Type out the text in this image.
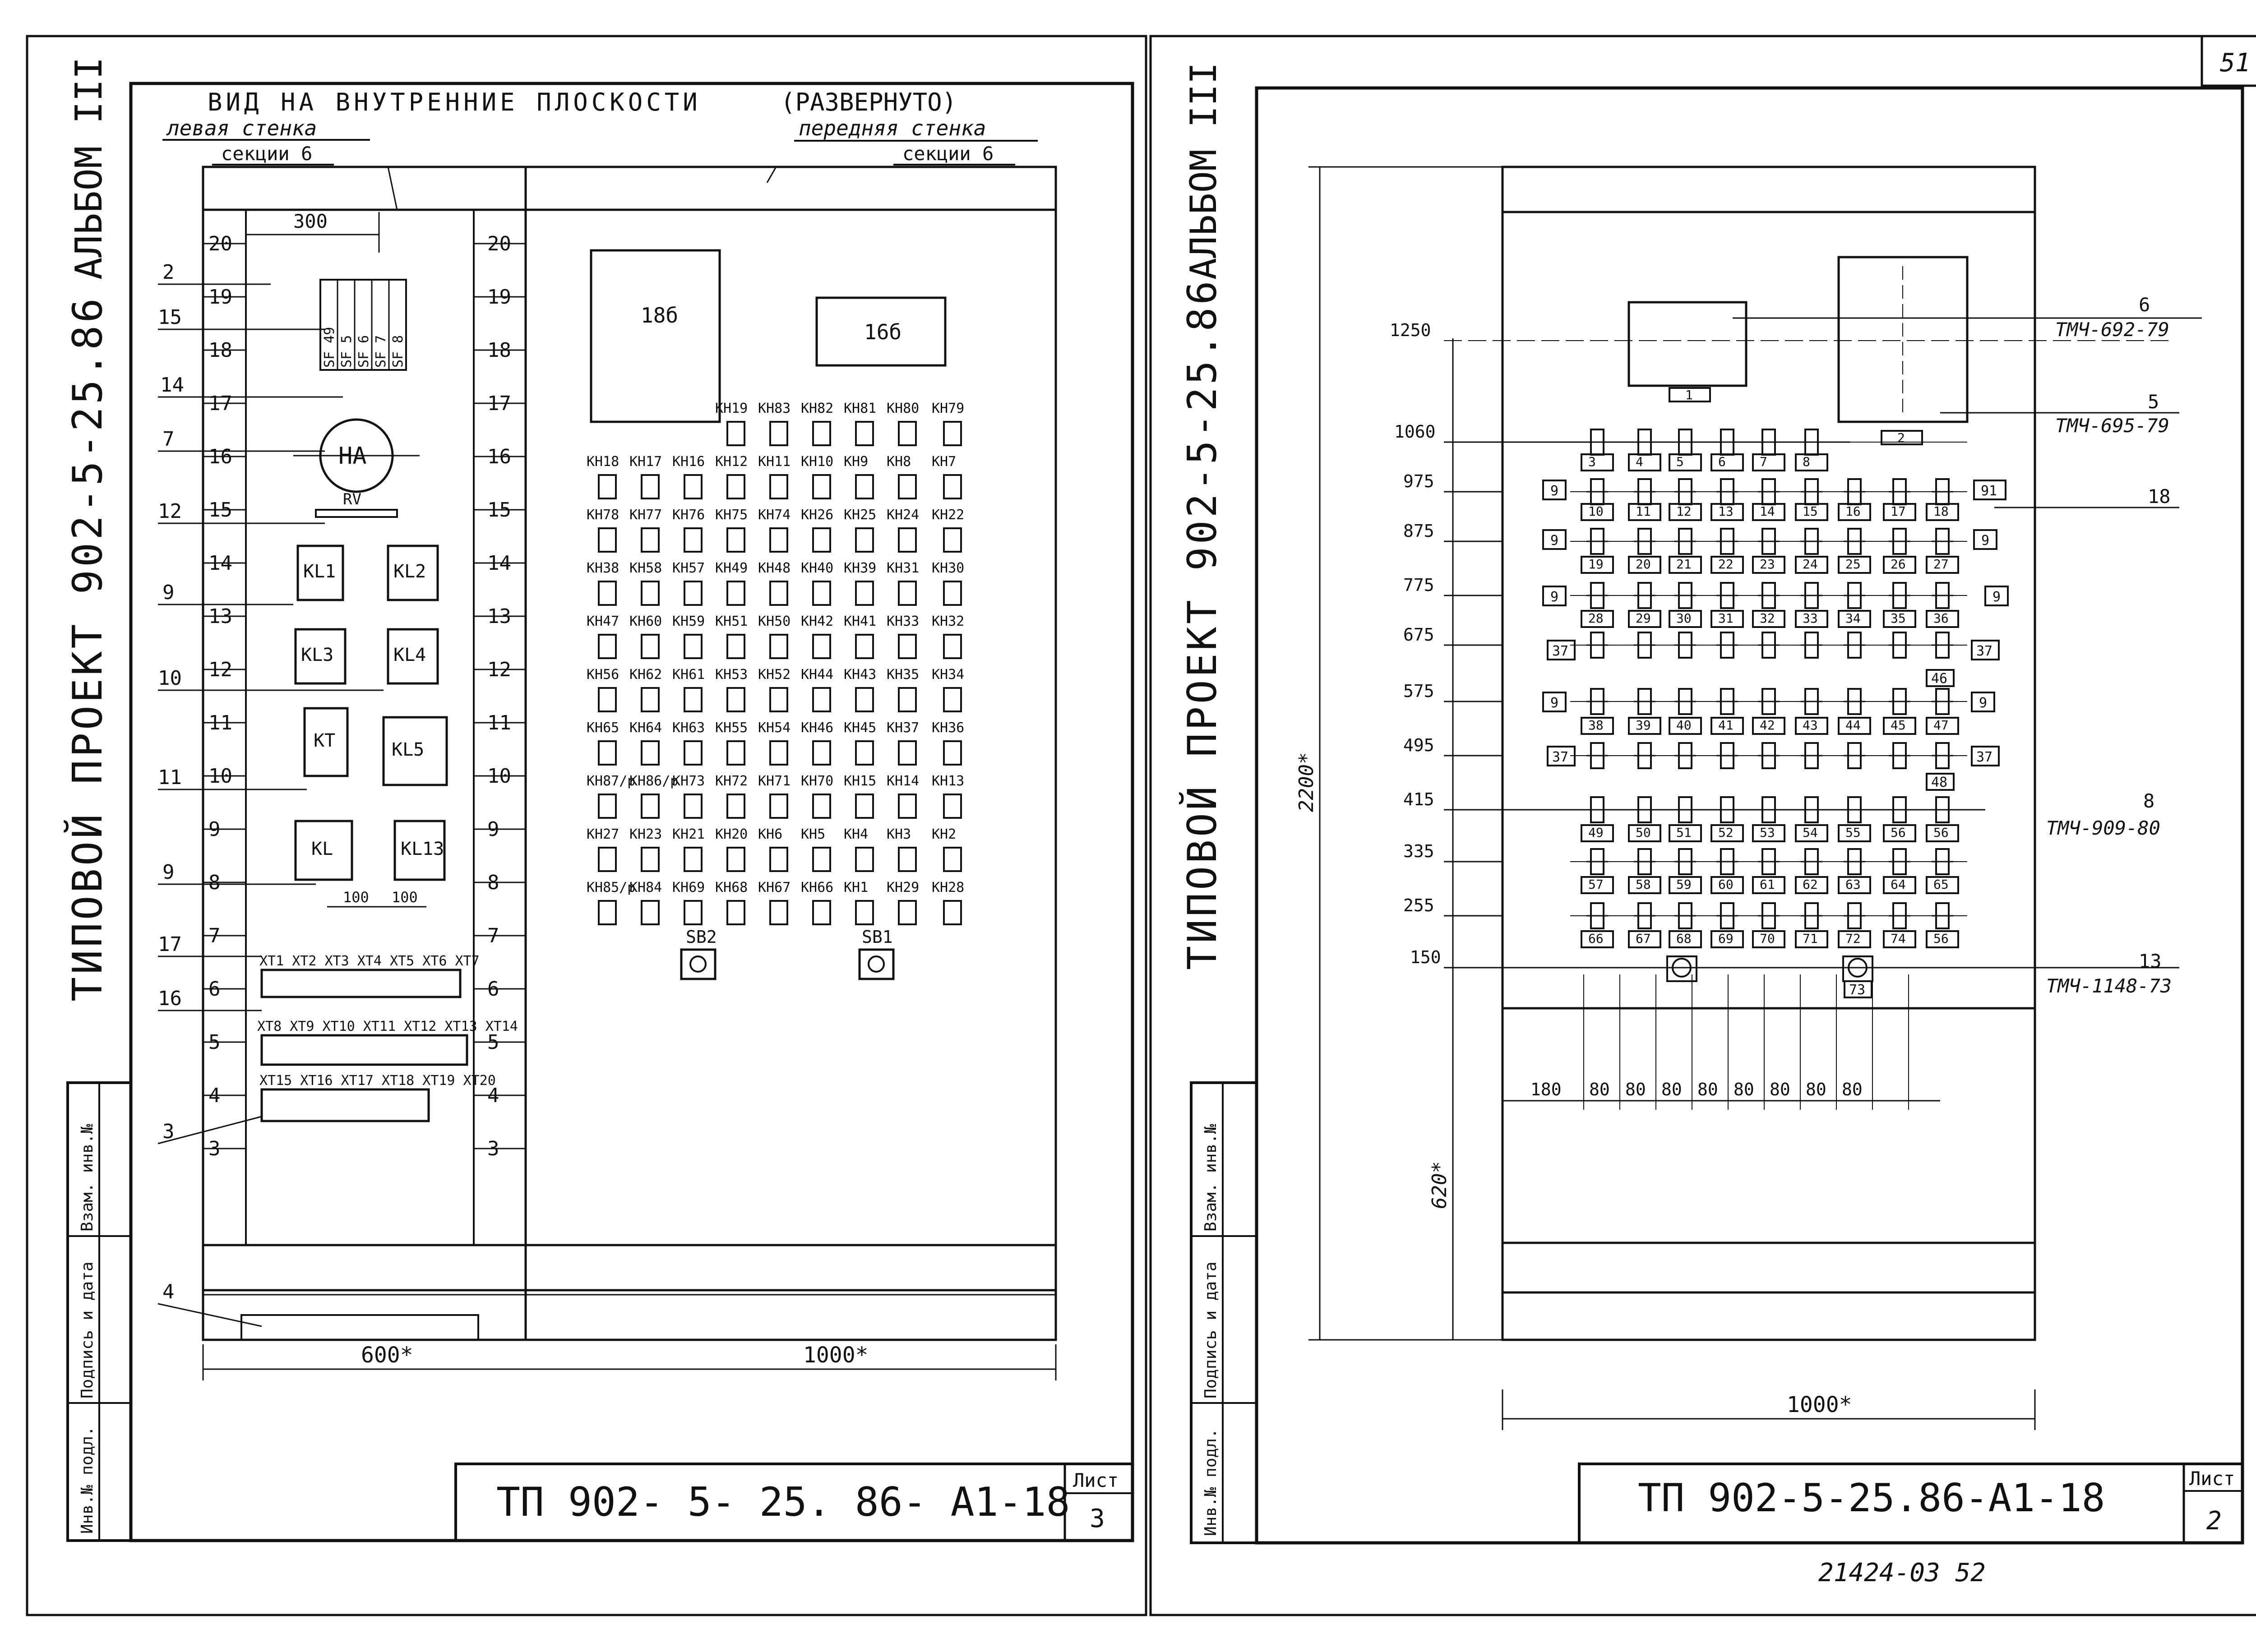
АЛЬБОМ III
ТИПОВОЙ ПРОЕКТ 902-5-25.86
Инв.№ подл.
Подпись и дата
Взам. инв.№
ТП 902- 5- 25. 86- А1-18 Лист
3
ВИД НА ВНУТРЕННИЕ ПЛОСКОСТИ	(РАЗВЕРНУТО)
левая стенка
секции 6
передняя стенка
секции 6
20	20
19	19
18	18
17	17
16	16
15	15
14	14
13	13
12	12
11	11
10	10
9	9
8	8
7	7
6	6
5	5
4	4
3	3
2
15
14
7
12
9
10
11
9
17
16
3
4
300
SF 49 SF 5 SF 6 SF 7 SF 8
HA
RV
KL1	KL2
KL3	KL4
KT	KL5
KL	KL13
100 100
XT1 XT2 XT3 XT4 XT5 XT6 XT7
XT8 XT9 XT10 XT11 XT12 XT13 XT14
XT15 XT16 XT17 XT18 XT19 XT20
600*	1000*
18б
16б
KH19 KH83 KH82 KH81 KH80 KH79
KH18 KH17 KH16 KH12 KH11 KH10 KH9 KH8 KH7
KH78 KH77 KH76 KH75 KH74 KH26 KH25 KH24 KH22
KH38 KH58 KH57 KH49 KH48 KH40 KH39 KH31 KH30
KH47 KH60 KH59 KH51 KH50 KH42 KH41 KH33 KH32
KH56 KH62 KH61 KH53 KH52 KH44 KH43 KH35 KH34
KH65 KH64 KH63 KH55 KH54 KH46 KH45 KH37 KH36
KH87/p
KH86/p
KH73 KH72 KH71 KH70 KH15 KH14 KH13
KH27 KH23 KH21 KH20 KH6 KH5 KH4 KH3 KH2
KH85/p
KH84 KH69 KH68 KH67 KH66 KH1 KH29 KH28
SB2	SB1
51
АЛЬБОМ III
ТИПОВОЙ ПРОЕКТ 902-5-25.86
Инв.№ подл.
Подпись и дата
Взам. инв.№
ТП 902-5-25.86-А1-18	Лист
2
21424-03 52
2200*
620*
1
2
1250
1060
975
875
775
675
575
495
415
335
255
150
3	4	5	6	7	8
10	11 12 13 14 15 16 17 18
19	20 21 22 23 24 25 26 27
28	29 30 31 32 33 34 35 36
38	39 40 41 42 43 44 45 47
49	50 51 52 53 54 55 56 56
57	58 59 60 61 62 63 64 65
66	67 68 69 70 71 72 74 56
9	91
9	9
9	9
37	37
46
9	9
37	37
48
73
6
ТМЧ-692-79
5
ТМЧ-695-79
18
8
ТМЧ-909-80
13
ТМЧ-1148-73
180 80 80 80 80 80 80 80 80
1000*
